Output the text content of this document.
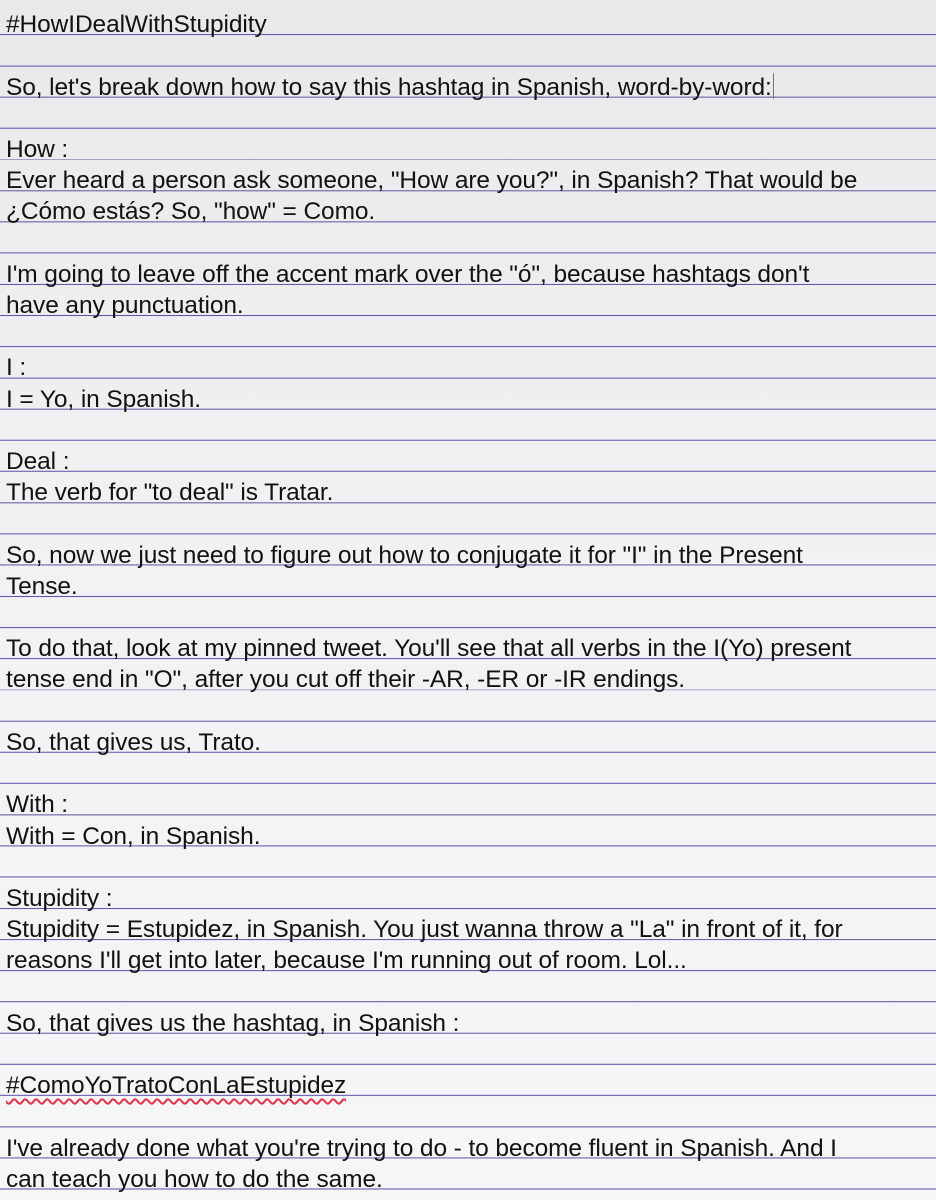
#HowIDealWithStupidity
So, let's break down how to say this hashtag in Spanish, word-by-word:
How :
Ever heard a person ask someone, "How are you?", in Spanish? That would be
¿Cómo estás? So, "how" = Como.
I'm going to leave off the accent mark over the "ó", because hashtags don't
have any punctuation.
I :
I = Yo, in Spanish.
Deal :
The verb for "to deal" is Tratar.
So, now we just need to figure out how to conjugate it for "I" in the Present
Tense.
To do that, look at my pinned tweet. You'll see that all verbs in the I(Yo) present
tense end in "O", after you cut off their -AR, -ER or -IR endings.
So, that gives us, Trato.
With :
With = Con, in Spanish.
Stupidity :
Stupidity = Estupidez, in Spanish. You just wanna throw a "La" in front of it, for
reasons I'll get into later, because I'm running out of room. Lol...
So, that gives us the hashtag, in Spanish :
#ComoYoTratoConLaEstupidez
I've already done what you're trying to do - to become fluent in Spanish. And I
can teach you how to do the same.
